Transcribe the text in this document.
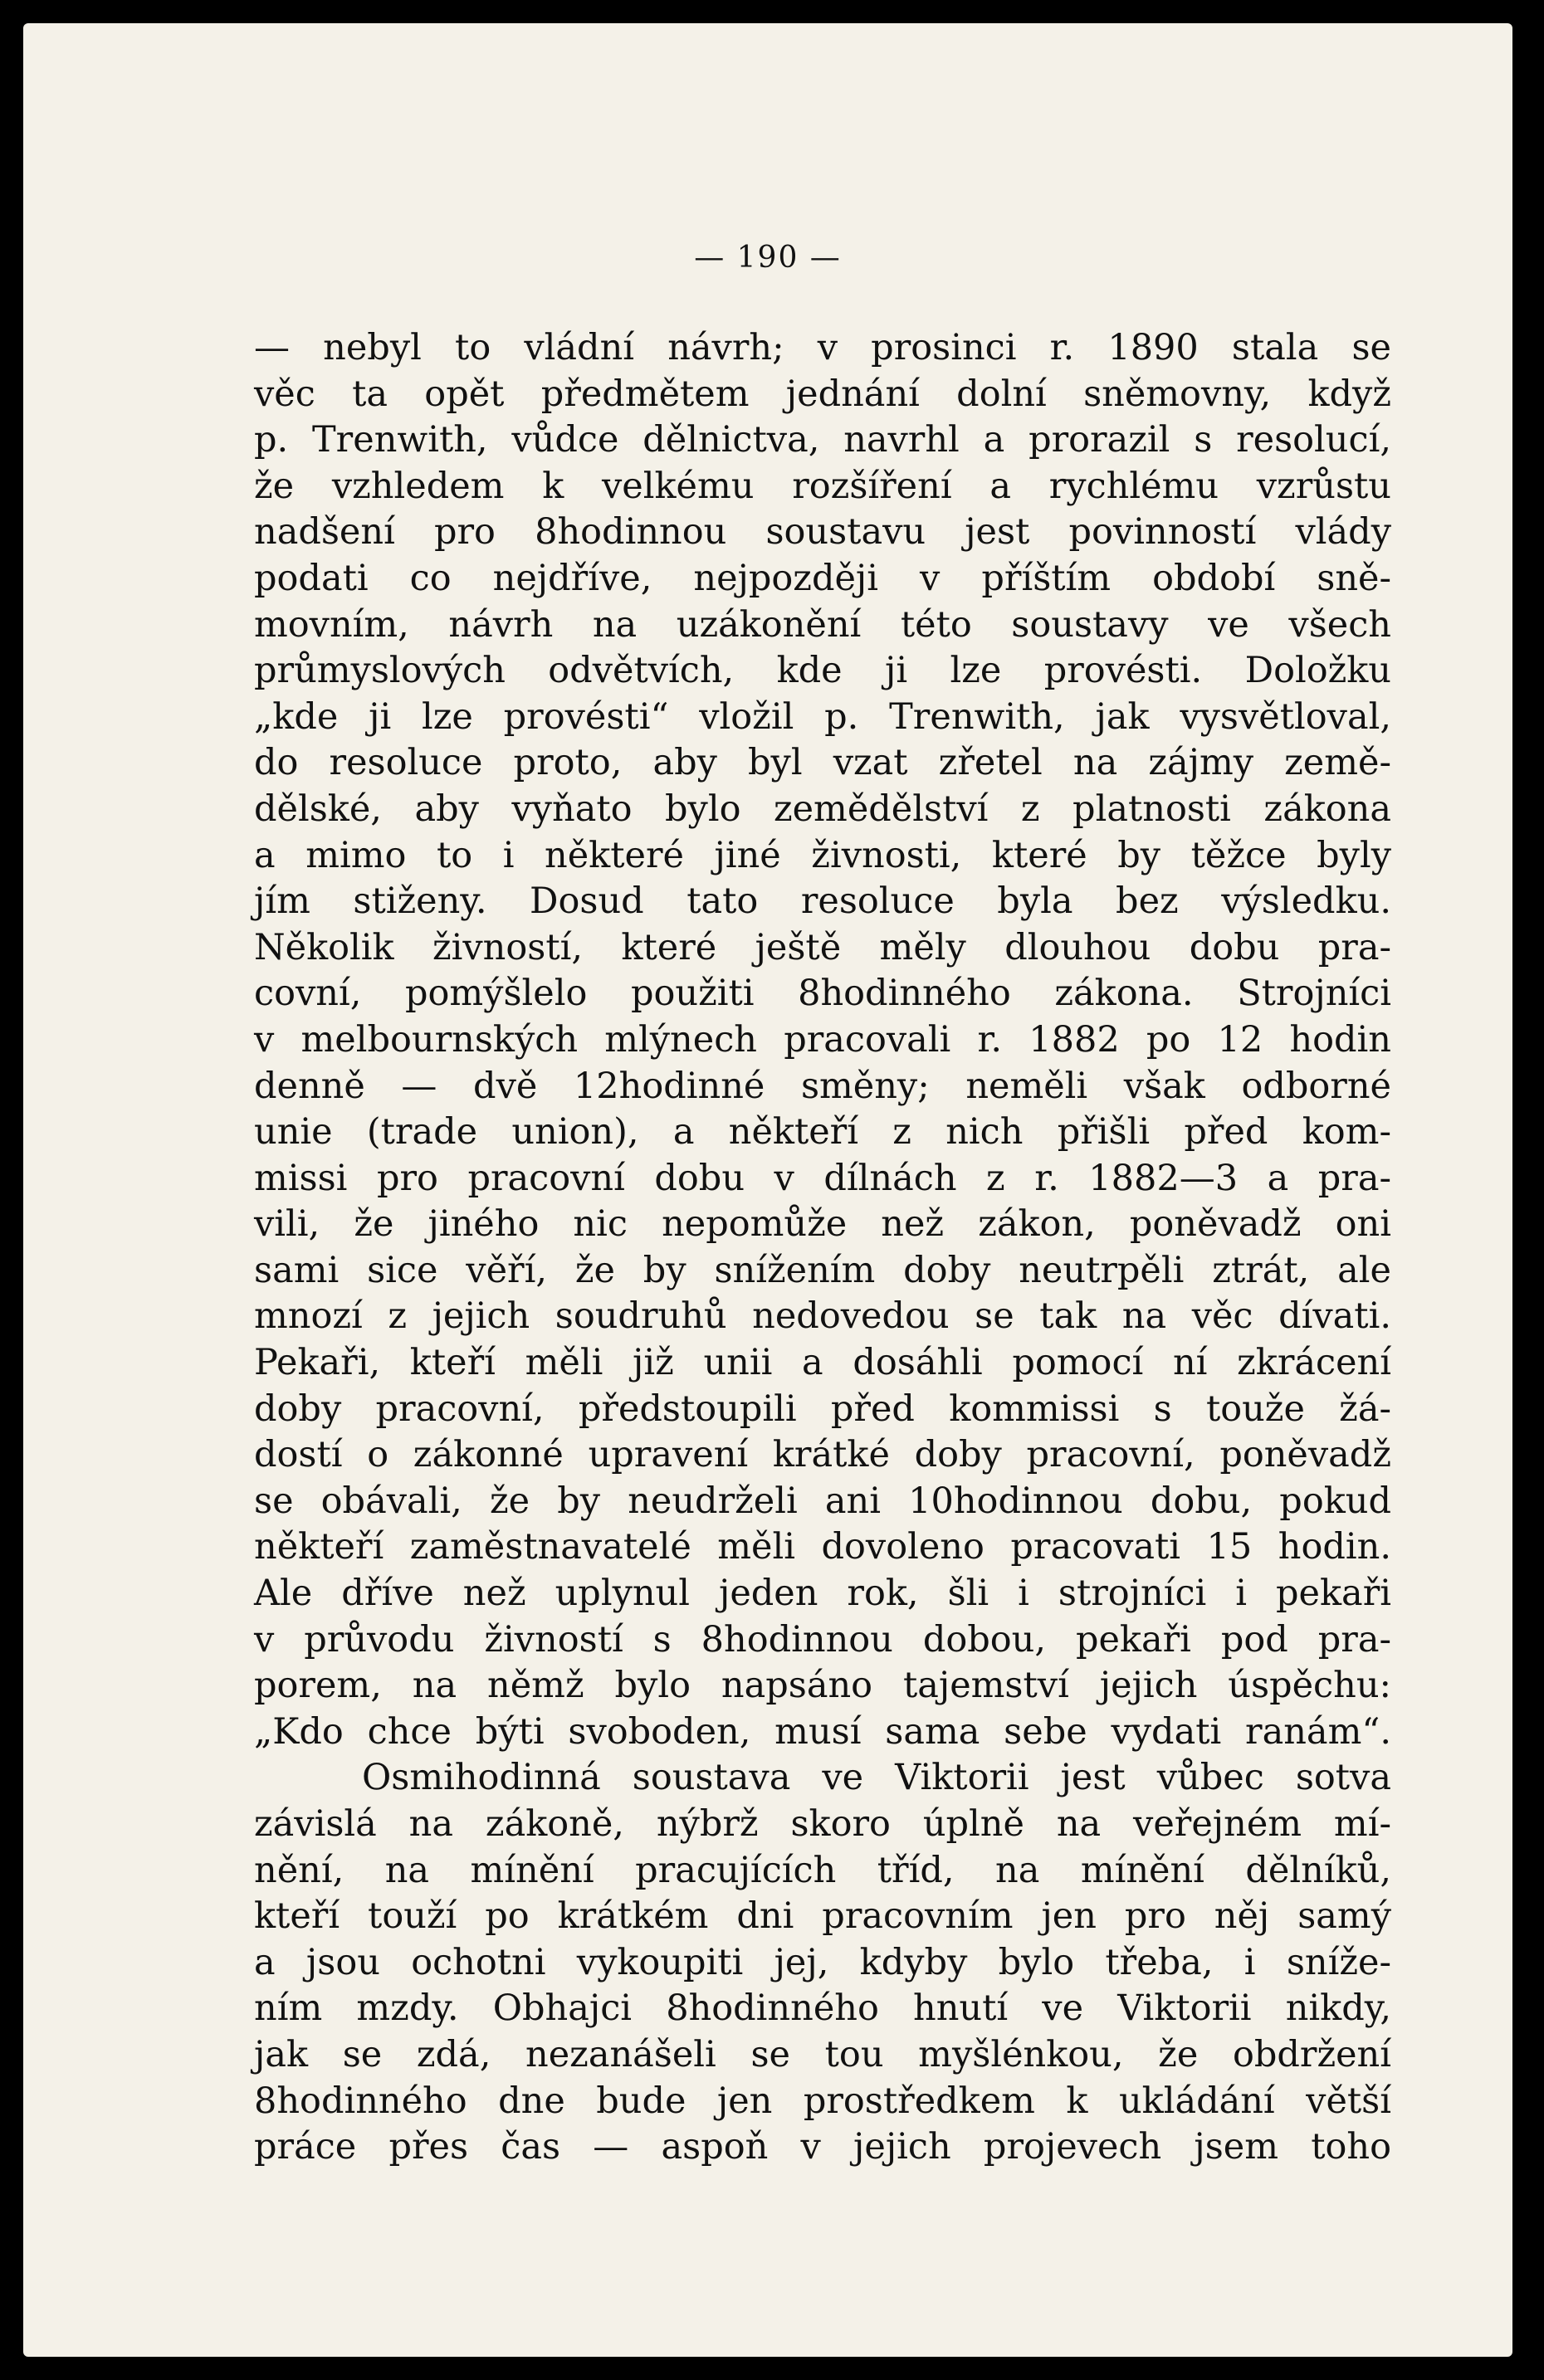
— 190 —
— nebyl to vládní návrh; v prosinci r. 1890 stala se
věc ta opět předmětem jednání dolní sněmovny, když
p. Trenwith, vůdce dělnictva, navrhl a prorazil s resolucí,
že vzhledem k velkému rozšíření a rychlému vzrůstu
nadšení pro 8hodinnou soustavu jest povinností vlády
podati co nejdříve, nejpozději v příštím období sně-
movním, návrh na uzákonění této soustavy ve všech
průmyslových odvětvích, kde ji lze provésti. Doložku
„kde ji lze provésti“ vložil p. Trenwith, jak vysvětloval,
do resoluce proto, aby byl vzat zřetel na zájmy země-
dělské, aby vyňato bylo zemědělství z platnosti zákona
a mimo to i některé jiné živnosti, které by těžce byly
jím stiženy. Dosud tato resoluce byla bez výsledku.
Několik živností, které ještě měly dlouhou dobu pra-
covní, pomýšlelo použiti 8hodinného zákona. Strojníci
v melbournských mlýnech pracovali r. 1882 po 12 hodin
denně — dvě 12hodinné směny; neměli však odborné
unie (trade union), a někteří z nich přišli před kom-
missi pro pracovní dobu v dílnách z r. 1882—3 a pra-
vili, že jiného nic nepomůže než zákon, poněvadž oni
sami sice věří, že by snížením doby neutrpěli ztrát, ale
mnozí z jejich soudruhů nedovedou se tak na věc dívati.
Pekaři, kteří měli již unii a dosáhli pomocí ní zkrácení
doby pracovní, předstoupili před kommissi s touže žá-
dostí o zákonné upravení krátké doby pracovní, poněvadž
se obávali, že by neudrželi ani 10hodinnou dobu, pokud
někteří zaměstnavatelé měli dovoleno pracovati 15 hodin.
Ale dříve než uplynul jeden rok, šli i strojníci i pekaři
v průvodu živností s 8hodinnou dobou, pekaři pod pra-
porem, na němž bylo napsáno tajemství jejich úspěchu:
„Kdo chce býti svoboden, musí sama sebe vydati ranám“.
Osmihodinná soustava ve Viktorii jest vůbec sotva
závislá na zákoně, nýbrž skoro úplně na veřejném mí-
nění, na mínění pracujících tříd, na mínění dělníků,
kteří touží po krátkém dni pracovním jen pro něj samý
a jsou ochotni vykoupiti jej, kdyby bylo třeba, i sníže-
ním mzdy. Obhajci 8hodinného hnutí ve Viktorii nikdy,
jak se zdá, nezanášeli se tou myšlénkou, že obdržení
8hodinného dne bude jen prostředkem k ukládání větší
práce přes čas — aspoň v jejich projevech jsem toho
